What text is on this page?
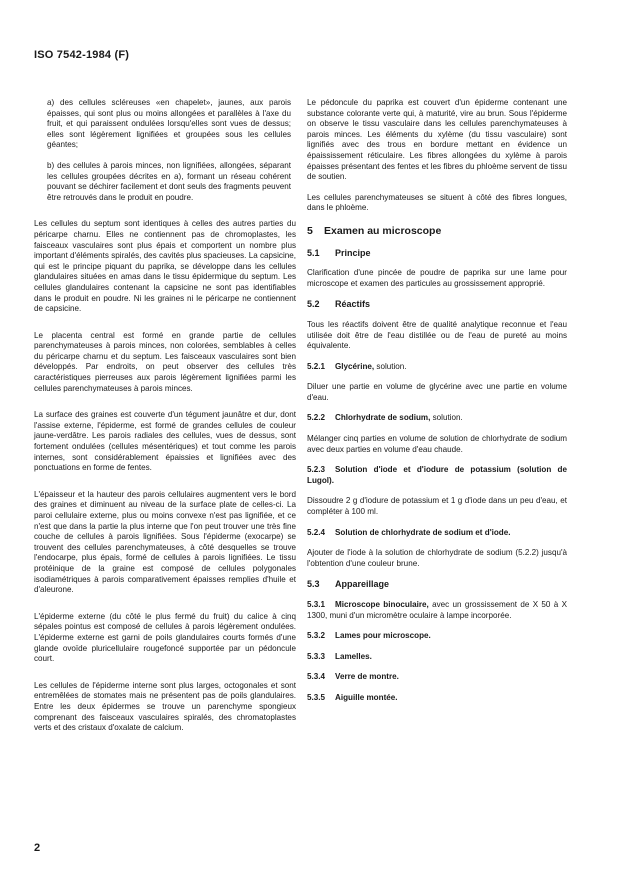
ISO 7542-1984 (F)

a) des cellules scléreuses «en chapelet», jaunes, aux parois épaisses, qui sont plus ou moins allongées et parallèles à l'axe du fruit, et qui paraissent ondulées lorsqu'elles sont vues de dessus; elles sont légèrement lignifiées et groupées sous les cellules géantes;

b) des cellules à parois minces, non lignifiées, allongées, séparant les cellules groupées décrites en a), formant un réseau cohérent pouvant se déchirer facilement et dont seuls des fragments peuvent être retrouvés dans le produit en poudre.

Les cellules du septum sont identiques à celles des autres parties du péricarpe charnu. Elles ne contiennent pas de chromoplastes, les faisceaux vasculaires sont plus épais et comportent un nombre plus important d'éléments spiralés, des cavités plus spacieuses. La capsicine, qui est le principe piquant du paprika, se développe dans les cellules glandulaires situées en amas dans le tissu épidermique du septum. Les cellules glandulaires contenant la capsicine ne sont pas identifiables dans le produit en poudre. Ni les graines ni le péricarpe ne contiennent de capsicine.

Le placenta central est formé en grande partie de cellules parenchymateuses à parois minces, non colorées, semblables à celles du péricarpe charnu et du septum. Les faisceaux vasculaires sont bien développés. Par endroits, on peut observer des cellules très caractéristiques pierreuses aux parois légèrement lignifiées parmi les cellules parenchymateuses à parois minces.

La surface des graines est couverte d'un tégument jaunâtre et dur, dont l'assise externe, l'épiderme, est formé de grandes cellules de couleur jaune-verdâtre. Les parois radiales des cellules, vues de dessus, sont fortement ondulées (cellules mésentériques) et tout comme les parois internes, sont considérablement épaissies et lignifiées avec des ponctuations en forme de fentes.

L'épaisseur et la hauteur des parois cellulaires augmentent vers le bord des graines et diminuent au niveau de la surface plate de celles-ci. La paroi cellulaire externe, plus ou moins convexe n'est pas lignifiée, et ce n'est que dans la partie la plus interne que l'on peut trouver une très fine couche de cellules à parois lignifiées. Sous l'épiderme (exocarpe) se trouvent des cellules parenchymateuses, à côté desquelles se trouve l'endocarpe, plus épais, formé de cellules à parois lignifiées. Le tissu protéinique de la graine est composé de cellules polygonales isodiamétriques à parois comparativement épaisses remplies d'huile et d'aleurone.

L'épiderme externe (du côté le plus fermé du fruit) du calice à cinq sépales pointus est composé de cellules à parois légèrement ondulées. L'épiderme externe est garni de poils glandulaires courts formés d'une glande ovoïde pluricellulaire rougefoncé supportée par un pédoncule court.

Les cellules de l'épiderme interne sont plus larges, octogonales et sont entremêlées de stomates mais ne présentent pas de poils glandulaires. Entre les deux épidermes se trouve un parenchyme spongieux comprenant des faisceaux vasculaires spiralés, des chromatoplastes verts et des cristaux d'oxalate de calcium.

Le pédoncule du paprika est couvert d'un épiderme contenant une substance colorante verte qui, à maturité, vire au brun. Sous l'épiderme on observe le tissu vasculaire dans les cellules parenchymateuses à parois minces. Les éléments du xylème (du tissu vasculaire) sont lignifiés avec des trous en bordure mettant en évidence un épaississement réticulaire. Les fibres allongées du xylème à parois épaisses présentant des fentes et les fibres du phloème servent de tissu de soutien.

Les cellules parenchymateuses se situent à côté des fibres longues, dans le phloème.

5 Examen au microscope
5.1 Principe

Clarification d'une pincée de poudre de paprika sur une lame pour microscope et examen des particules au grossissement approprié.

5.2 Réactifs

Tous les réactifs doivent être de qualité analytique reconnue et l'eau utilisée doit être de l'eau distillée ou de l'eau de pureté au moins équivalente.

5.2.1 Glycérine, solution.

Diluer une partie en volume de glycérine avec une partie en volume d'eau.

5.2.2 Chlorhydrate de sodium, solution.

Mélanger cinq parties en volume de solution de chlorhydrate de sodium avec deux parties en volume d'eau chaude.

5.2.3 Solution d'iode et d'iodure de potassium (solution de Lugol).

Dissoudre 2 g d'iodure de potassium et 1 g d'iode dans un peu d'eau, et compléter à 100 ml.

5.2.4 Solution de chlorhydrate de sodium et d'iode.

Ajouter de l'iode à la solution de chlorhydrate de sodium (5.2.2) jusqu'à l'obtention d'une couleur brune.

5.3 Appareillage
5.3.1 Microscope binoculaire, avec un grossissement de X 50 à X 1300, muni d'un micromètre oculaire à lampe incorporée.
5.3.2 Lames pour microscope.
5.3.3 Lamelles.
5.3.4 Verre de montre.
5.3.5 Aiguille montée.
2
